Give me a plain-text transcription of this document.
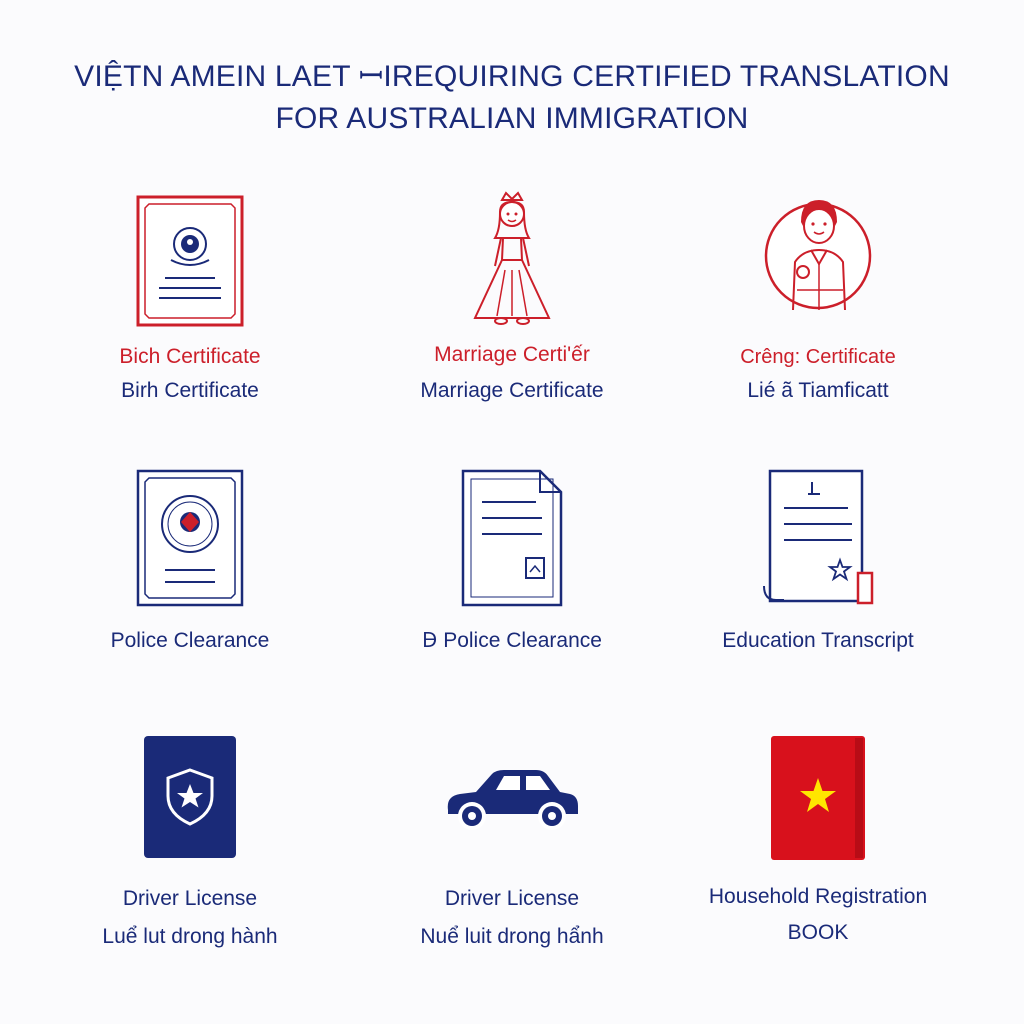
VIỆTN AMEIN LAET ꟷIREQUIRING CERTIFIED TRANSLATION
FOR AUSTRALIAN IMMIGRATION
Bich Certificate
Birh Certificate
Marriage Certi'ếr
Marriage Certificate
Crêng: Certificate
Lié ã Tiamficatt
Police Clearance	Ꟈ Police Clearance	Education Transcript
Driver License
Luể lut drong hành
Driver License
Nuể luit drong hẩnh
Household Registration
BOOK
